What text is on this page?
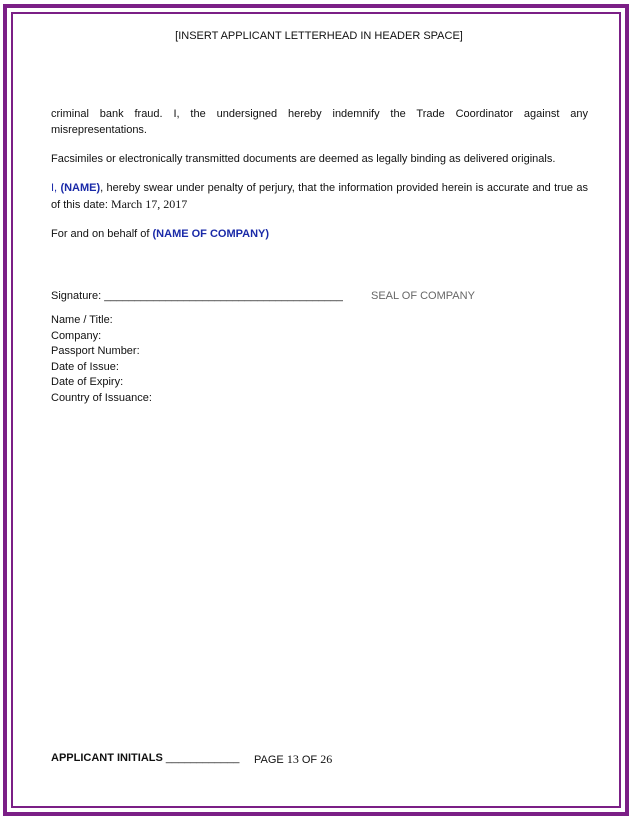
[INSERT APPLICANT LETTERHEAD IN HEADER SPACE]

criminal bank fraud. I, the undersigned hereby indemnify the Trade Coordinator against any misrepresentations.

Facsimiles or electronically transmitted documents are deemed as legally binding as delivered originals.

I, (NAME), hereby swear under penalty of perjury, that the information provided herein is accurate and true as of this date: March 17, 2017

For and on behalf of (NAME OF COMPANY)

Signature: _______________________________________	SEAL OF COMPANY
Name / Title:
Company:
Passport Number:
Date of Issue:
Date of Expiry:
Country of Issuance:
APPLICANT INITIALS ____________ PAGE 13 OF 26
